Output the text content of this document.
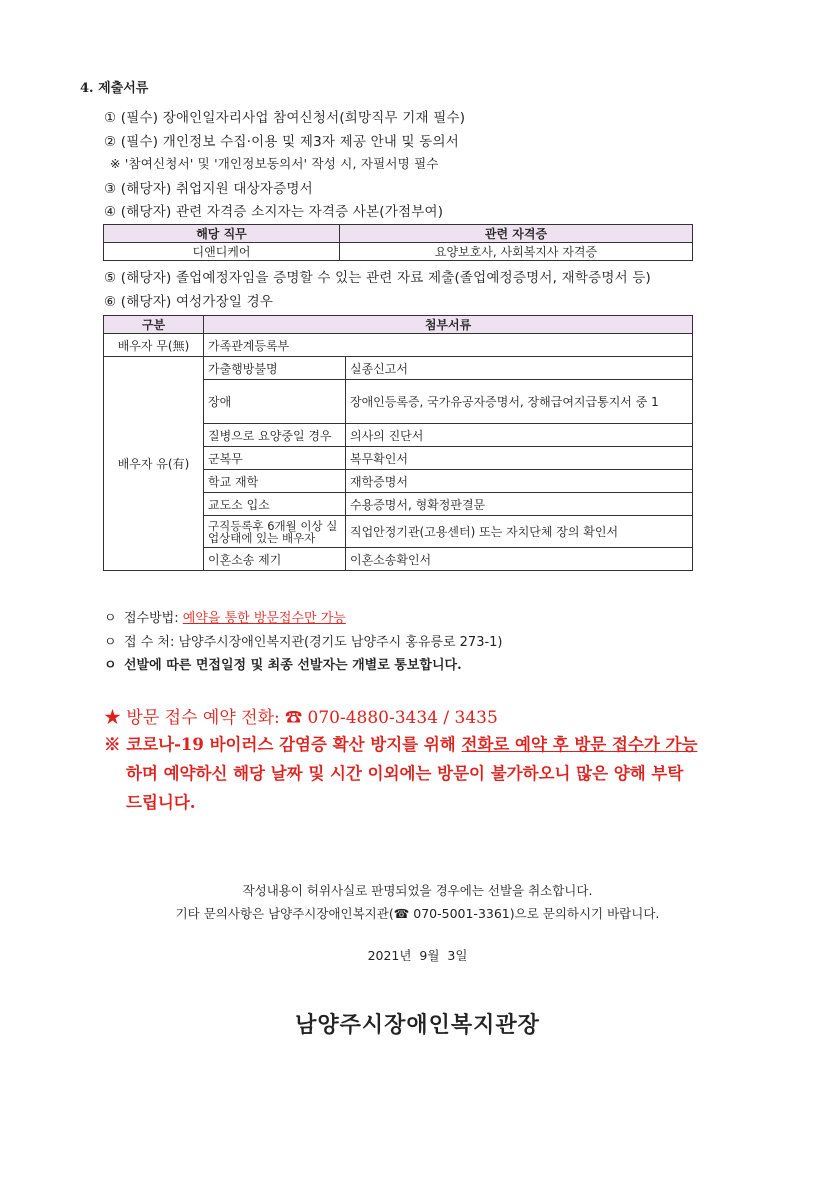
4. 제출서류
① (필수) 장애인일자리사업 참여신청서(희망직무 기재 필수)
② (필수) 개인정보 수집·이용 및 제3자 제공 안내 및 동의서
※ '참여신청서' 및 '개인정보동의서' 작성 시, 자필서명 필수
③ (해당자) 취업지원 대상자증명서
④ (해당자) 관련 자격증 소지자는 자격증 사본(가점부여)
해당 직무	관련 자격증
디앤디케어	요양보호사, 사회복지사 자격증
⑤ (해당자) 졸업예정자임을 증명할 수 있는 관련 자료 제출(졸업예정증명서, 재학증명서 등)
⑥ (해당자) 여성가장일 경우
구분	첨부서류	
배우자 무(無)	가족관계등록부	
배우자 유(有)	가출행방불명	실종신고서
	장애	장애인등록증, 국가유공자증명서, 장해급여지급통지서 중 1
	질병으로 요양중일 경우	의사의 진단서
	군복무	복무확인서
	학교 재학	재학증명서
	교도소 입소	수용증명서, 형확정판결문
	구직등록후 6개월 이상 실업상태에 있는 배우자	직업안정기관(고용센터) 또는 자치단체 장의 확인서
	이혼소송 제기	이혼소송확인서
ㅇ 접수방법: 예약을 통한 방문접수만 가능
ㅇ 접 수 처: 남양주시장애인복지관(경기도 남양주시 홍유릉로 273-1)
ㅇ 선발에 따른 면접일정 및 최종 선발자는 개별로 통보합니다.
★ 방문 접수 예약 전화: ☎ 070-4880-3434 / 3435
※ 코로나-19 바이러스 감염증 확산 방지를 위해 전화로 예약 후 방문 접수가 가능
하며 예약하신 해당 날짜 및 시간 이외에는 방문이 불가하오니 많은 양해 부탁
드립니다.
작성내용이 허위사실로 판명되었을 경우에는 선발을 취소합니다.
기타 문의사항은 남양주시장애인복지관(☎ 070-5001-3361)으로 문의하시기 바랍니다.
2021년  9월  3일
남양주시장애인복지관장
